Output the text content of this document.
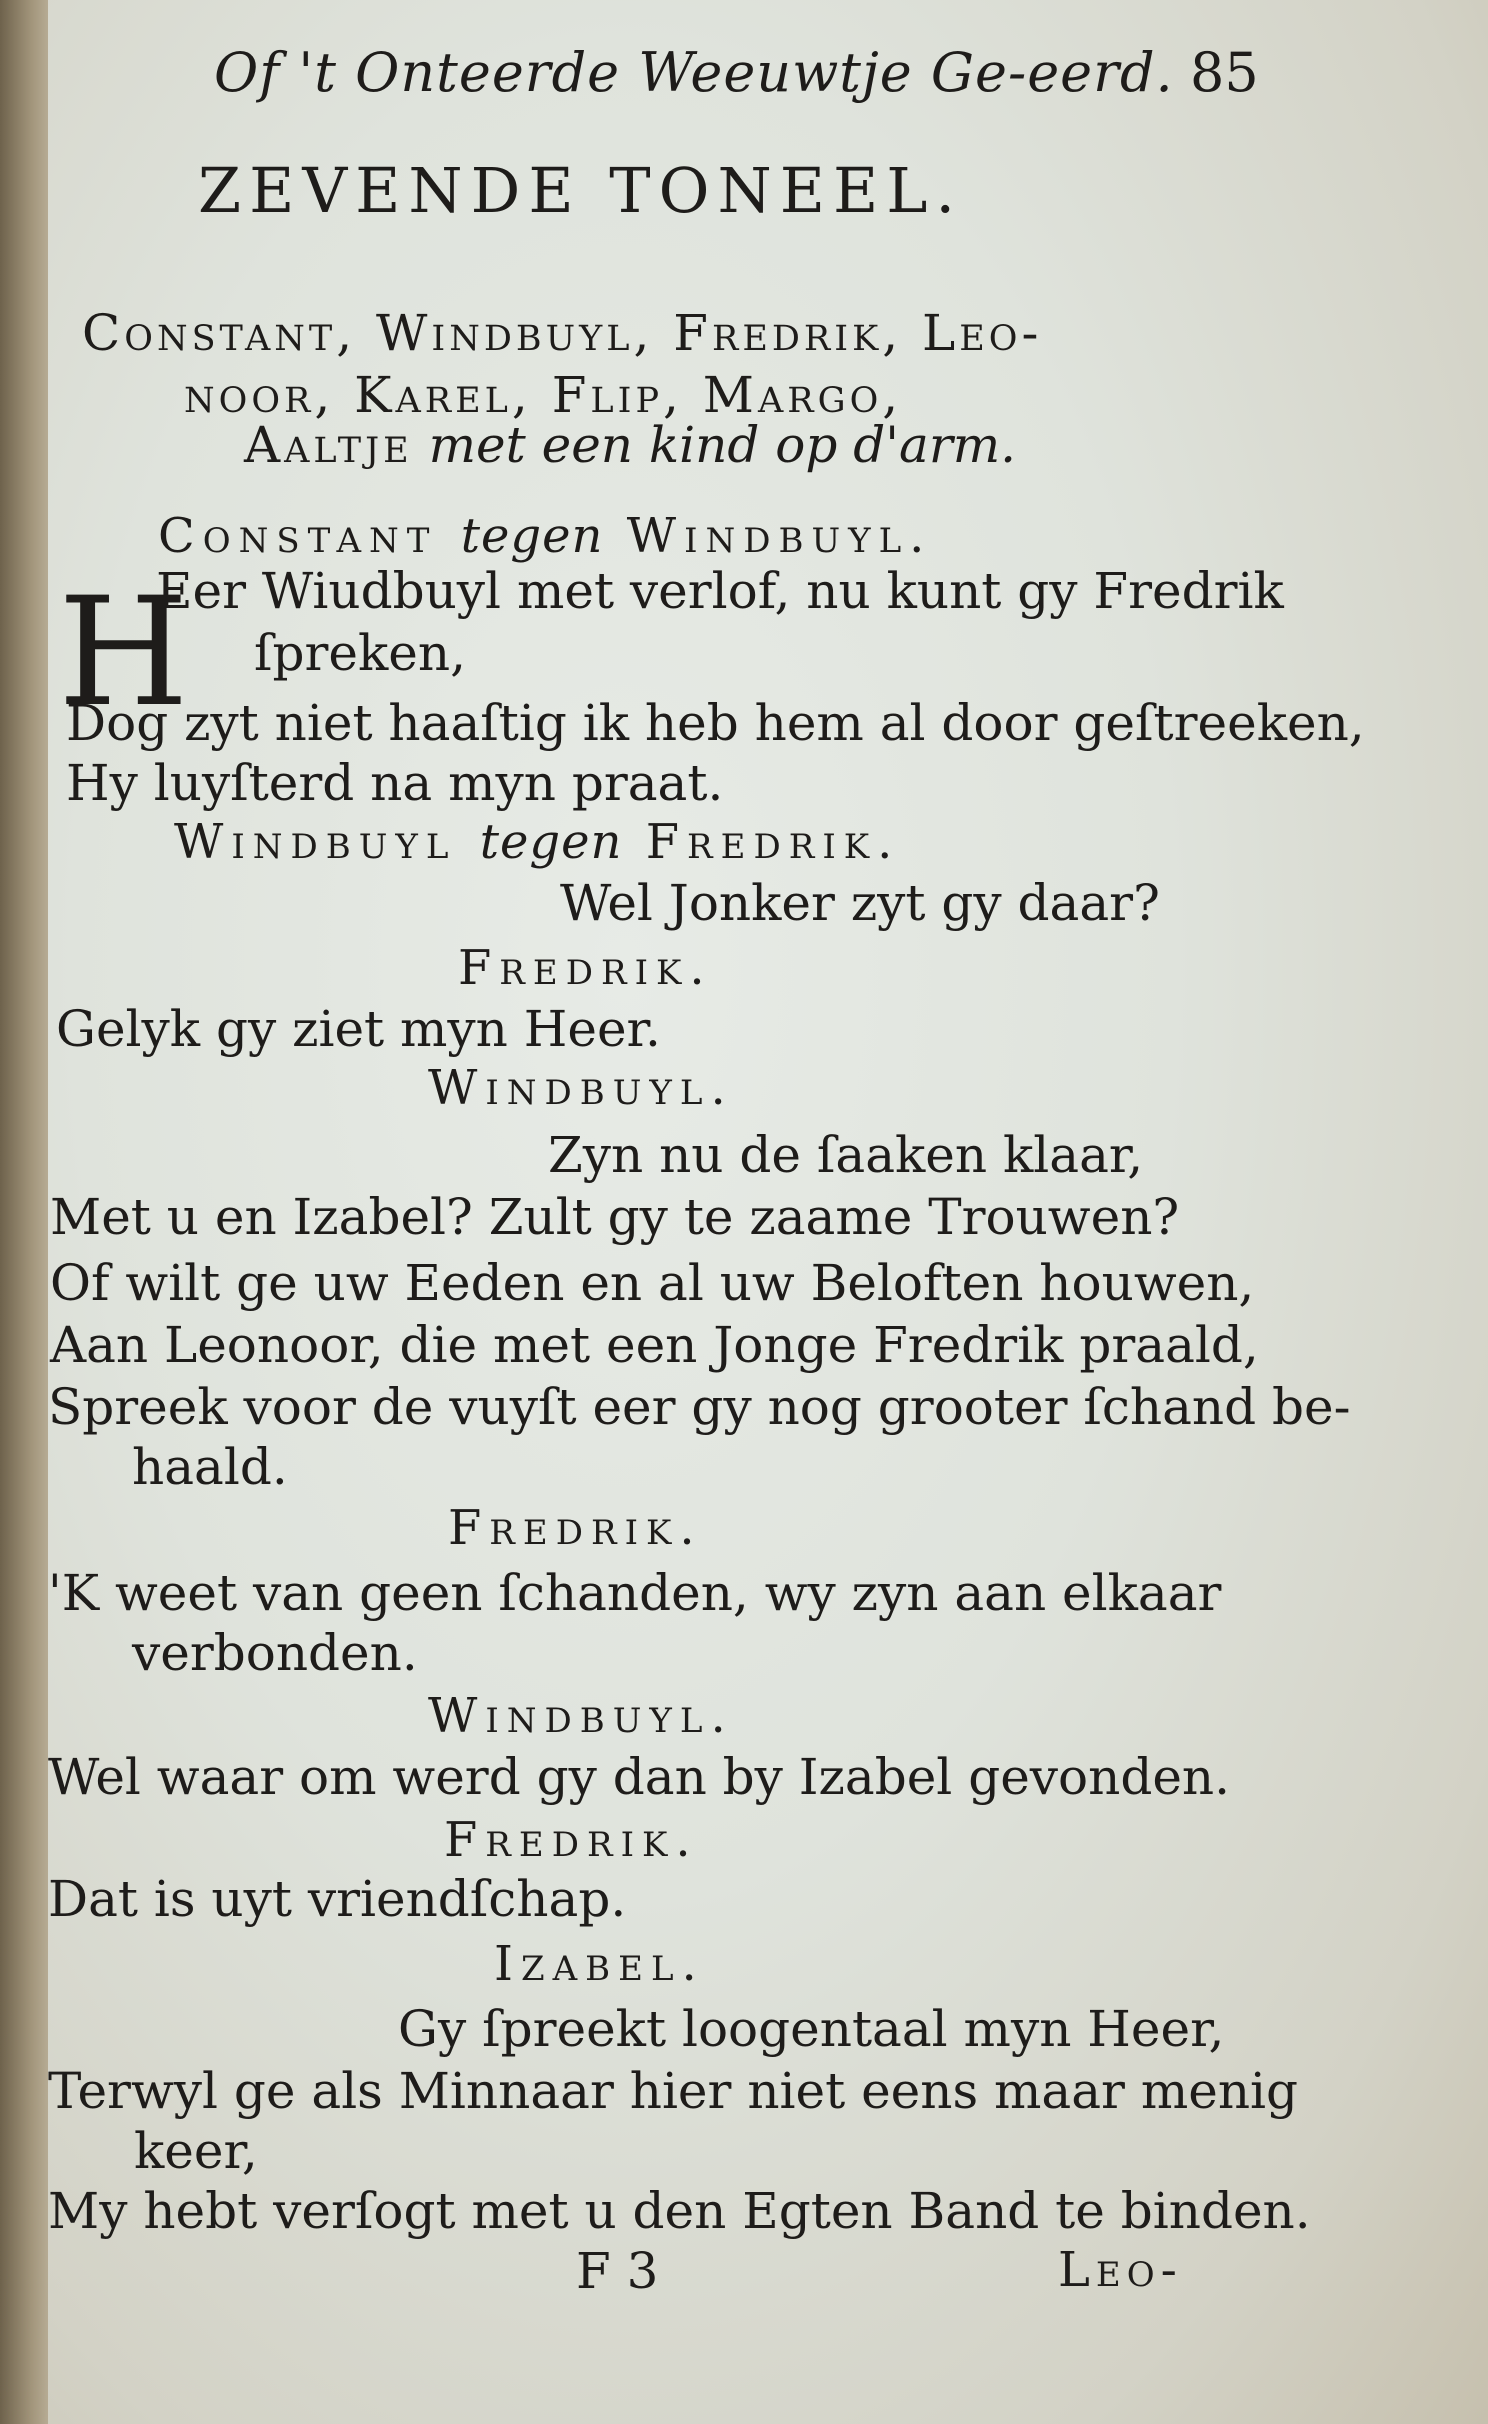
Of 't Onteerde Weeuwtje Ge-eerd. 85
ZEVENDE TONEEL.
Constant, Windbuyl, Fredrik, Leo-
noor, Karel, Flip, Margo,
Aaltje met een kind op d'arm.
Constant tegen Windbuyl.
H
Eer Wiudbuyl met verlof, nu kunt gy Fredrik
ſpreken,
Dog zyt niet haaſtig ik heb hem al door geſtreeken,
Hy luyſterd na myn praat.
Windbuyl tegen Fredrik.
Wel Jonker zyt gy daar?
Fredrik.
Gelyk gy ziet myn Heer.
Windbuyl.
Zyn nu de ſaaken klaar,
Met u en Izabel? Zult gy te zaame Trouwen?
Of wilt ge uw Eeden en al uw Beloften houwen,
Aan Leonoor, die met een Jonge Fredrik praald,
Spreek voor de vuyſt eer gy nog grooter ſchand be-
haald.
Fredrik.
'K weet van geen ſchanden, wy zyn aan elkaar
verbonden.
Windbuyl.
Wel waar om werd gy dan by Izabel gevonden.
Fredrik.
Dat is uyt vriendſchap.
Izabel.
Gy ſpreekt loogentaal myn Heer,
Terwyl ge als Minnaar hier niet eens maar menig
keer,
My hebt verſogt met u den Egten Band te binden.
F 3	Leo-
